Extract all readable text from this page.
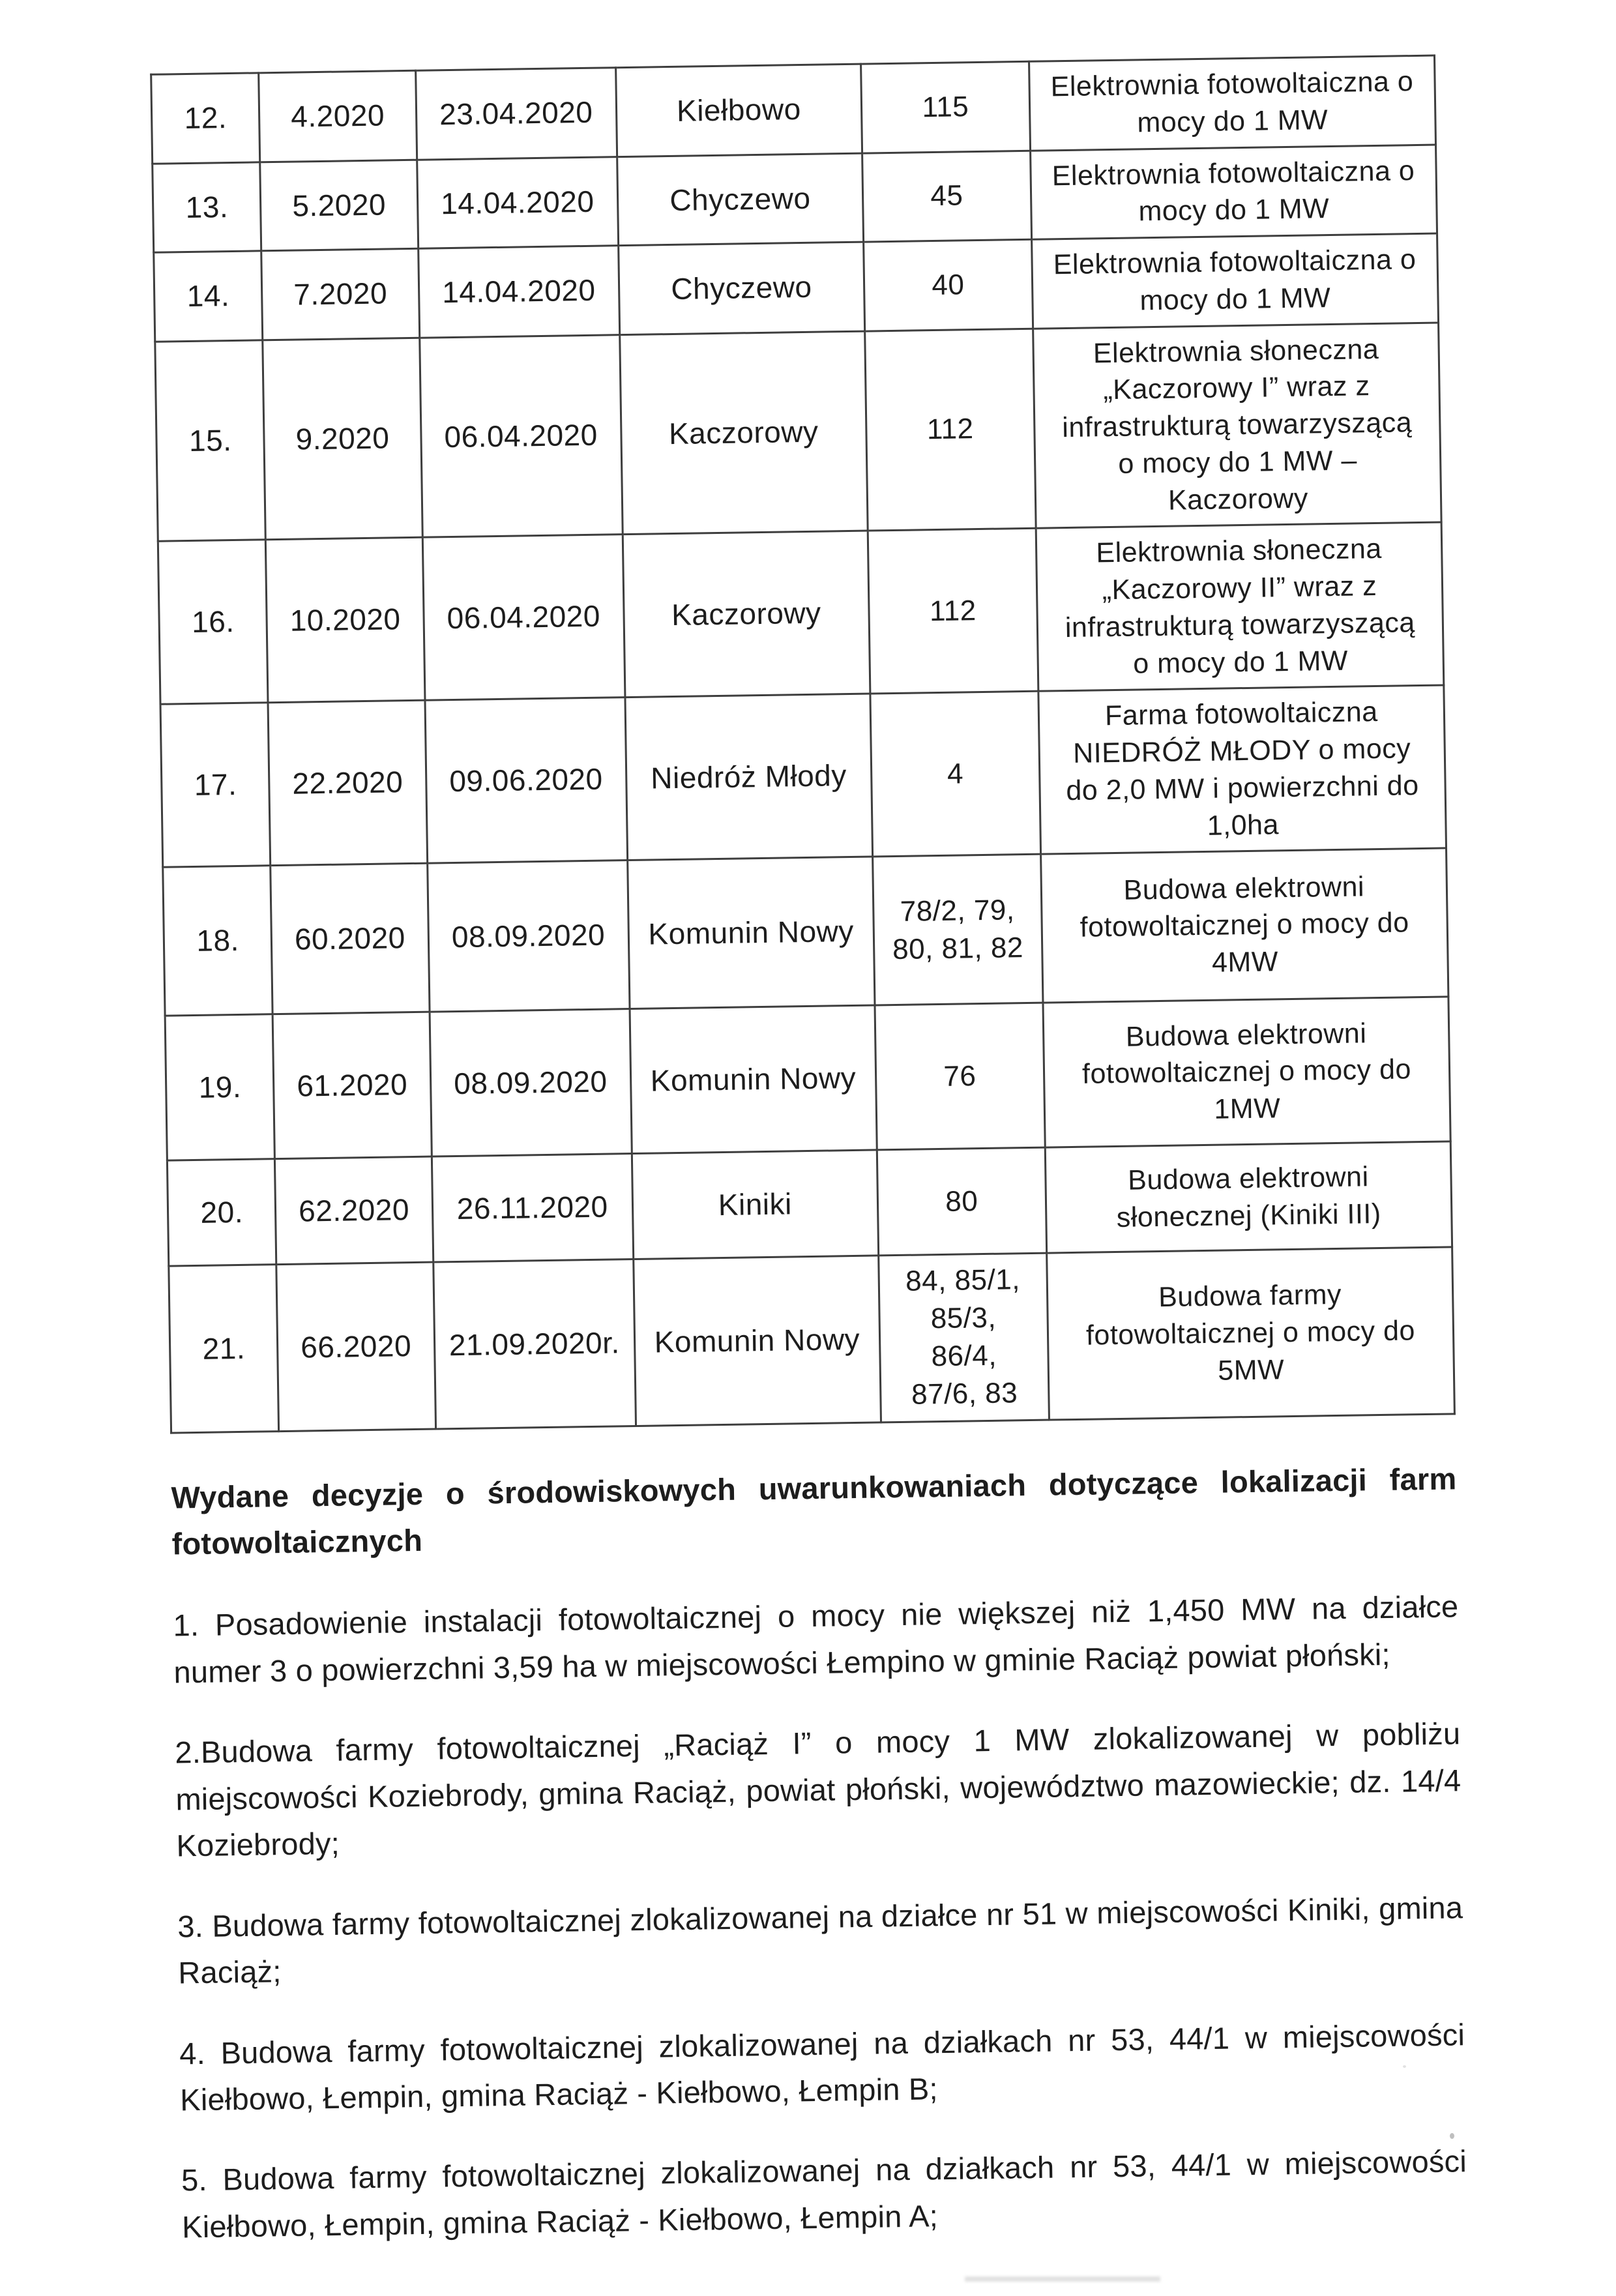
12.	4.2020	23.04.2020	Kiełbowo	115	Elektrownia fotowoltaiczna o
mocy do 1 MW
13.	5.2020	14.04.2020	Chyczewo	45	Elektrownia fotowoltaiczna o
mocy do 1 MW
14.	7.2020	14.04.2020	Chyczewo	40	Elektrownia fotowoltaiczna o
mocy do 1 MW
15.	9.2020	06.04.2020	Kaczorowy	112	Elektrownia słoneczna
„Kaczorowy I” wraz z
infrastrukturą towarzyszącą
o mocy do 1 MW –
Kaczorowy
16.	10.2020	06.04.2020	Kaczorowy	112	Elektrownia słoneczna
„Kaczorowy II” wraz z
infrastrukturą towarzyszącą
o mocy do 1 MW
17.	22.2020	09.06.2020	Niedróż Młody	4	Farma fotowoltaiczna
NIEDRÓŻ MŁODY o mocy
do 2,0 MW i powierzchni do
1,0ha
18.	60.2020	08.09.2020	Komunin Nowy	78/2, 79,
80, 81, 82	Budowa elektrowni
fotowoltaicznej o mocy do
4MW
19.	61.2020	08.09.2020	Komunin Nowy	76	Budowa elektrowni
fotowoltaicznej o mocy do
1MW
20.	62.2020	26.11.2020	Kiniki	80	Budowa elektrowni
słonecznej (Kiniki III)
21.	66.2020	21.09.2020r.	Komunin Nowy	84, 85/1,
85/3,
86/4,
87/6, 83	Budowa farmy
fotowoltaicznej o mocy do
5MW

Wydane decyzje o środowiskowych uwarunkowaniach dotyczące lokalizacji farm fotowoltaicznych

1. Posadowienie instalacji fotowoltaicznej o mocy nie większej niż 1,450 MW na działce numer 3 o powierzchni 3,59 ha w miejscowości Łempino w gminie Raciąż powiat płoński;

2.Budowa farmy fotowoltaicznej „Raciąż I” o mocy 1 MW zlokalizowanej w pobliżu miejscowości Koziebrody, gmina Raciąż, powiat płoński, województwo mazowieckie; dz. 14/4 Koziebrody;

3. Budowa farmy fotowoltaicznej zlokalizowanej na działce nr 51 w miejscowości Kiniki, gmina Raciąż;

4. Budowa farmy fotowoltaicznej zlokalizowanej na działkach nr 53, 44/1 w miejscowości Kiełbowo, Łempin, gmina Raciąż - Kiełbowo, Łempin B;

5. Budowa farmy fotowoltaicznej zlokalizowanej na działkach nr 53, 44/1 w miejscowości Kiełbowo, Łempin, gmina Raciąż - Kiełbowo, Łempin A;
